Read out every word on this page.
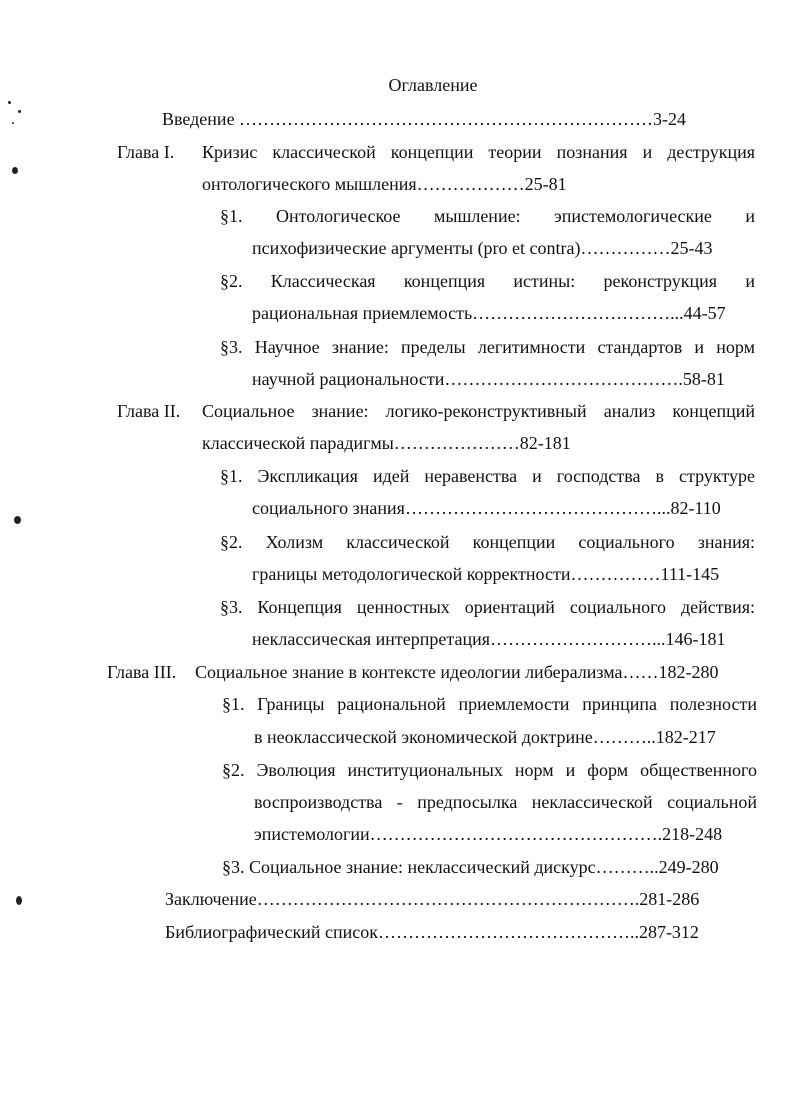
Оглавление
Введение ……………………………………………………………3-24
Глава I. Кризис классической концепции теории познания и деструкция
онтологического мышления………………25-81
§1. Онтологическое мышление: эпистемологические и
психофизические аргументы (pro et contra)……………25-43
§2. Классическая концепция истины: реконструкция и
рациональная приемлемость……………………………...44-57
§3. Научное знание: пределы легитимности стандартов и норм
научной рациональности………………………………….58-81
Глава II. Социальное знание: логико-реконструктивный анализ концепций
классической парадигмы…………………82-181
§1. Экспликация идей неравенства и господства в структуре
социального знания……………………………………...82-110
§2. Холизм классической концепции социального знания:
границы методологической корректности……………111-145
§3. Концепция ценностных ориентаций социального действия:
неклассическая интерпретация………………………...146-181
Глава III. Социальное знание в контексте идеологии либерализма……182-280
§1. Границы рациональной приемлемости принципа полезности
в неоклассической экономической доктрине………..182-217
§2. Эволюция институциональных норм и форм общественного
воспроизводства - предпосылка неклассической социальной
эпистемологии………………………………………….218-248
§3. Социальное знание: неклассический дискурс………..249-280
Заключение……………………………………………………….281-286
Библиографический список……………………………………..287-312
